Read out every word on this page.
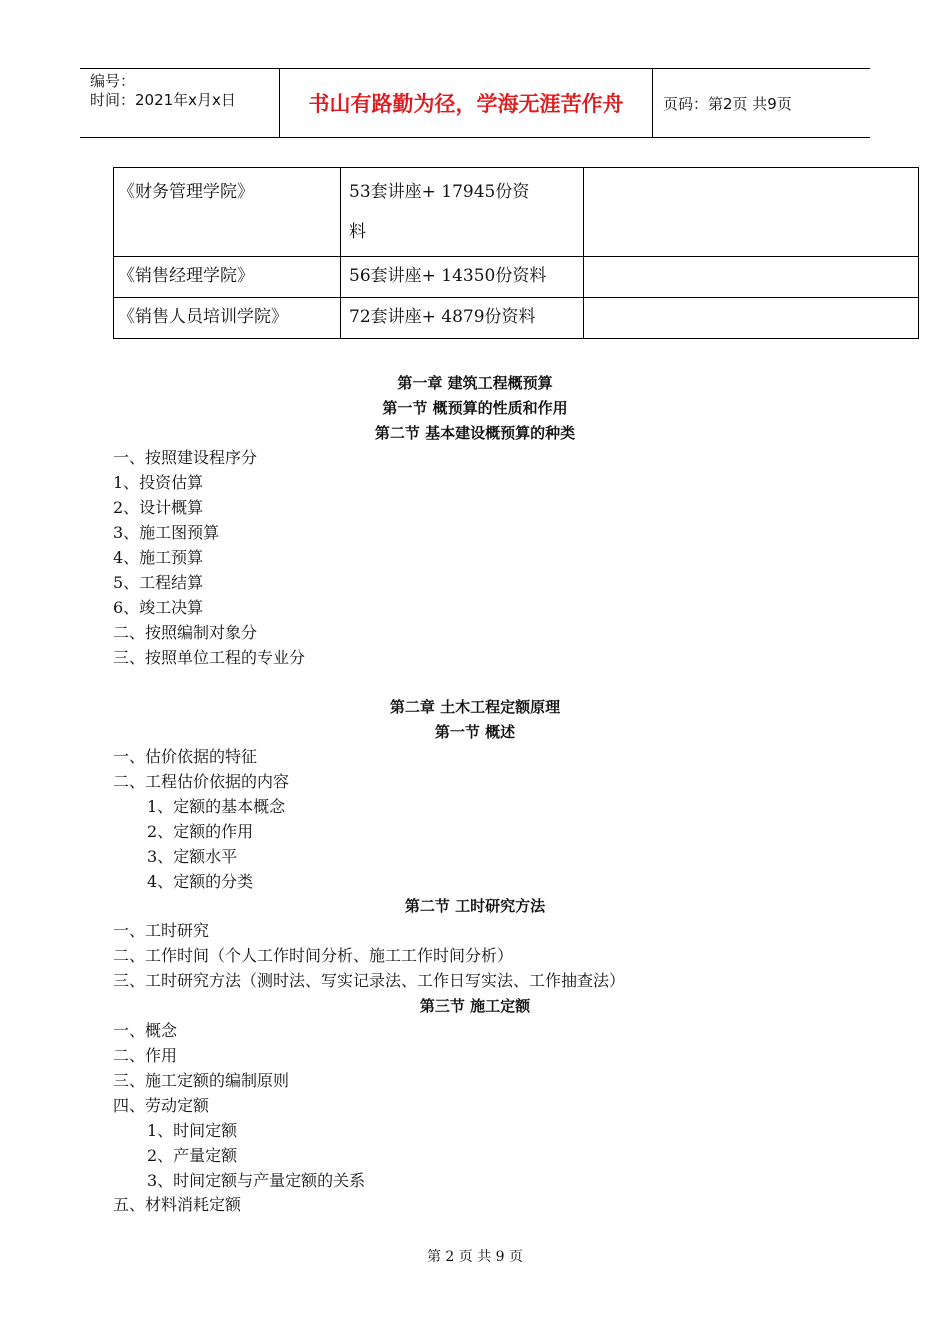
编号：
时间：2021年x月x日	书山有路勤为径，学海无涯苦作舟	页码：第2页 共9页
《财务管理学院》	53套讲座+ 17945份资
料	

《销售经理学院》	56套讲座+ 14350份资料	
《销售人员培训学院》	72套讲座+ 4879份资料	
第一章 建筑工程概预算
第一节 概预算的性质和作用
第二节 基本建设概预算的种类
一、按照建设程序分
1、投资估算
2、设计概算
3、施工图预算
4、施工预算
5、工程结算
6、竣工决算
二、按照编制对象分
三、按照单位工程的专业分
第二章 土木工程定额原理
第一节 概述
一、估价依据的特征
二、工程估价依据的内容
1、定额的基本概念
2、定额的作用
3、定额水平
4、定额的分类
第二节 工时研究方法
一、工时研究
二、工作时间（个人工作时间分析、施工工作时间分析）
三、工时研究方法（测时法、写实记录法、工作日写实法、工作抽查法）
第三节 施工定额
一、概念
二、作用
三、施工定额的编制原则
四、劳动定额
1、时间定额
2、产量定额
3、时间定额与产量定额的关系
五、材料消耗定额
第 2 页 共 9 页
